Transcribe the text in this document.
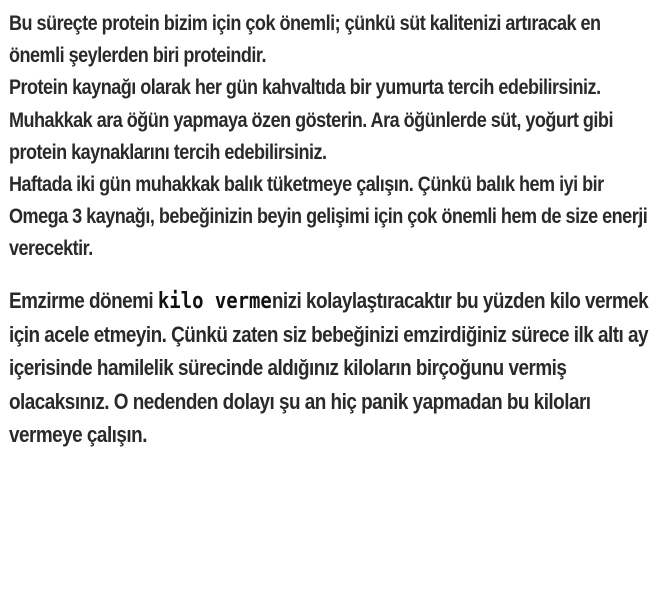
Bu süreçte protein bizim için çok önemli; çünkü süt kalitenizi artıracak en önemli şeylerden biri proteindir.

Protein kaynağı olarak her gün kahvaltıda bir yumurta tercih edebilirsiniz.

Muhakkak ara öğün yapmaya özen gösterin. Ara öğünlerde süt, yoğurt gibi protein kaynaklarını tercih edebilirsiniz.

Haftada iki gün muhakkak balık tüketmeye çalışın. Çünkü balık hem iyi bir Omega 3 kaynağı, bebeğinizin beyin gelişimi için çok önemli hem de size enerji verecektir.

Emzirme dönemi kilo vermenizi kolaylaştıracaktır bu yüzden kilo vermek için acele etmeyin. Çünkü zaten siz bebeğinizi emzirdiğiniz sürece ilk altı ay içerisinde hamilelik sürecinde aldığınız kiloların birçoğunu vermiş olacaksınız. O nedenden dolayı şu an hiç panik yapmadan bu kiloları vermeye çalışın.
